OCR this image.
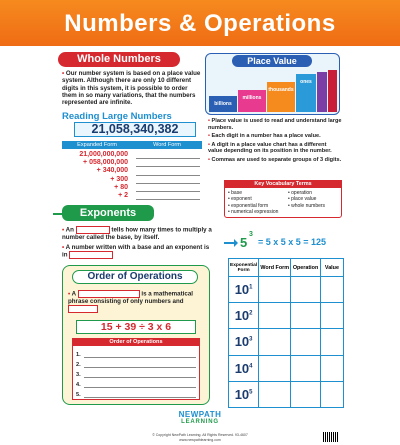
Numbers & Operations
Whole Numbers
• Our number system is based on a place value system. Although there are only 10 different digits in this system, it is possible to order them in so many variations, that the numbers represented are infinite.
Reading Large Numbers
21,058,340,382
Expanded Form	Word Form
21,000,000,000
+ 058,000,000
+ 340,000
+ 300
+ 80
+ 2
Place Value
billions
millions
thousands
ones
• Place value is used to read and understand large numbers.
• Each digit in a number has a place value.
• A digit in a place value chart has a different value depending on its position in the number.
• Commas are used to separate groups of 3 digits.
Key Vocabulary Terms
• base
• exponent
• exponential form
• numerical expression
• operation
• place value
• whole numbers
Exponents
• An	tells how many times to multiply a number called the base, by itself.
• A number written with a base and an exponent is in
5
3
= 5 x 5 x 5 = 125
Exponential Form	Word Form	Operation	Value
$10^1$			
$10^2$			
$10^3$			
$10^4$			
$10^5$			
Order of Operations
• A	is a mathematical phrase consisting of only numbers and
15 + 39 ÷ 3 x 6
Order of Operations
1.
2.
3.
4.
5.
NEWPATH
LEARNING
© Copyright NewPath Learning. All Rights Reserved. 93-4607
www.newpathlearning.com
